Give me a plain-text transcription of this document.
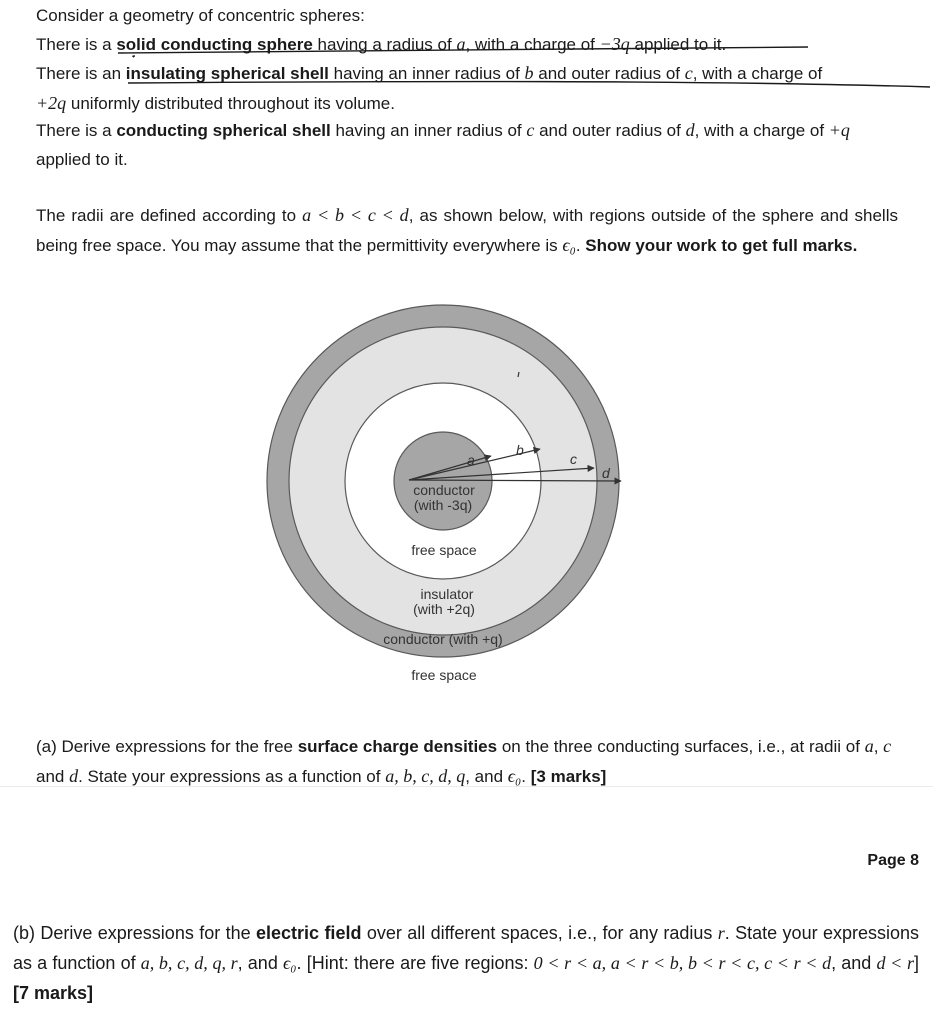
Consider a geometry of concentric spheres:

There is a solid conducting sphere having a radius of a, with a charge of −3q applied to it.

There is an insulating spherical shell having an inner radius of b and outer radius of c, with a charge of
+2q uniformly distributed throughout its volume.

There is a conducting spherical shell having an inner radius of c and outer radius of d, with a charge of +q
applied to it.

The radii are defined according to a < b < c < d, as shown below, with regions outside of the sphere and shells being free space. You may assume that the permittivity everywhere is ϵ₀. Show your work to get full marks.

a
b
c
d
conductor
(with -3q)
free space
insulator
(with +2q)
conductor (with +q)
free space

(a) Derive expressions for the free surface charge densities on the three conducting surfaces, i.e., at radii of a, c and d. State your expressions as a function of a, b, c, d, q, and ϵ₀. [3 marks]

Page 8

(b) Derive expressions for the electric field over all different spaces, i.e., for any radius r. State your expressions as a function of a, b, c, d, q, r, and ϵ₀. [Hint: there are five regions: 0 < r < a, a < r < b, b < r < c, c < r < d, and d < r] [7 marks]
